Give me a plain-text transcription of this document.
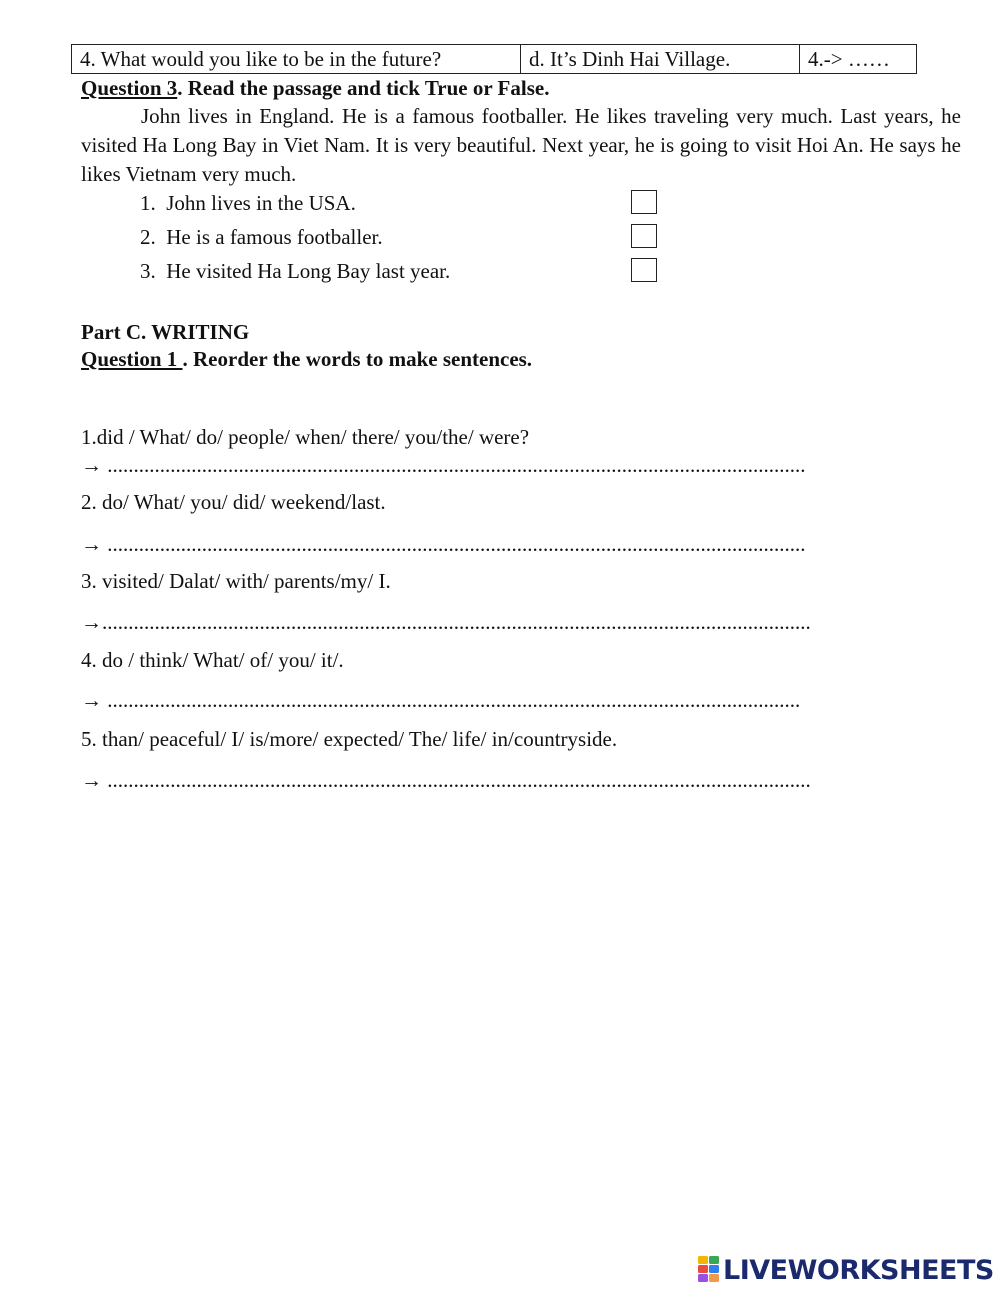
4. What would you like to be in the future?	d. It’s Dinh Hai Village.	4.-> ……
Question 3. Read the passage and tick True or False.
John lives in England. He is a famous footballer. He likes traveling very much. Last years, he visited Ha Long Bay in Viet Nam. It is very beautiful. Next year, he is going to visit Hoi An. He says he likes Vietnam very much.
1. John lives in the USA.
2. He is a famous footballer.
3. He visited Ha Long Bay last year.
Part C. WRITING
Question 1 . Reorder the words to make sentences.
1.did / What/ do/ people/ when/ there/ you/the/ were?
→ .....................................................................................................................................
2. do/ What/ you/ did/ weekend/last.
→ .....................................................................................................................................
3. visited/ Dalat/ with/ parents/my/ I.
→.......................................................................................................................................
4. do / think/ What/ of/ you/ it/.
→ ....................................................................................................................................
5. than/ peaceful/ I/ is/more/ expected/ The/ life/ in/countryside.
→ ......................................................................................................................................
LIVEWORKSHEETS
